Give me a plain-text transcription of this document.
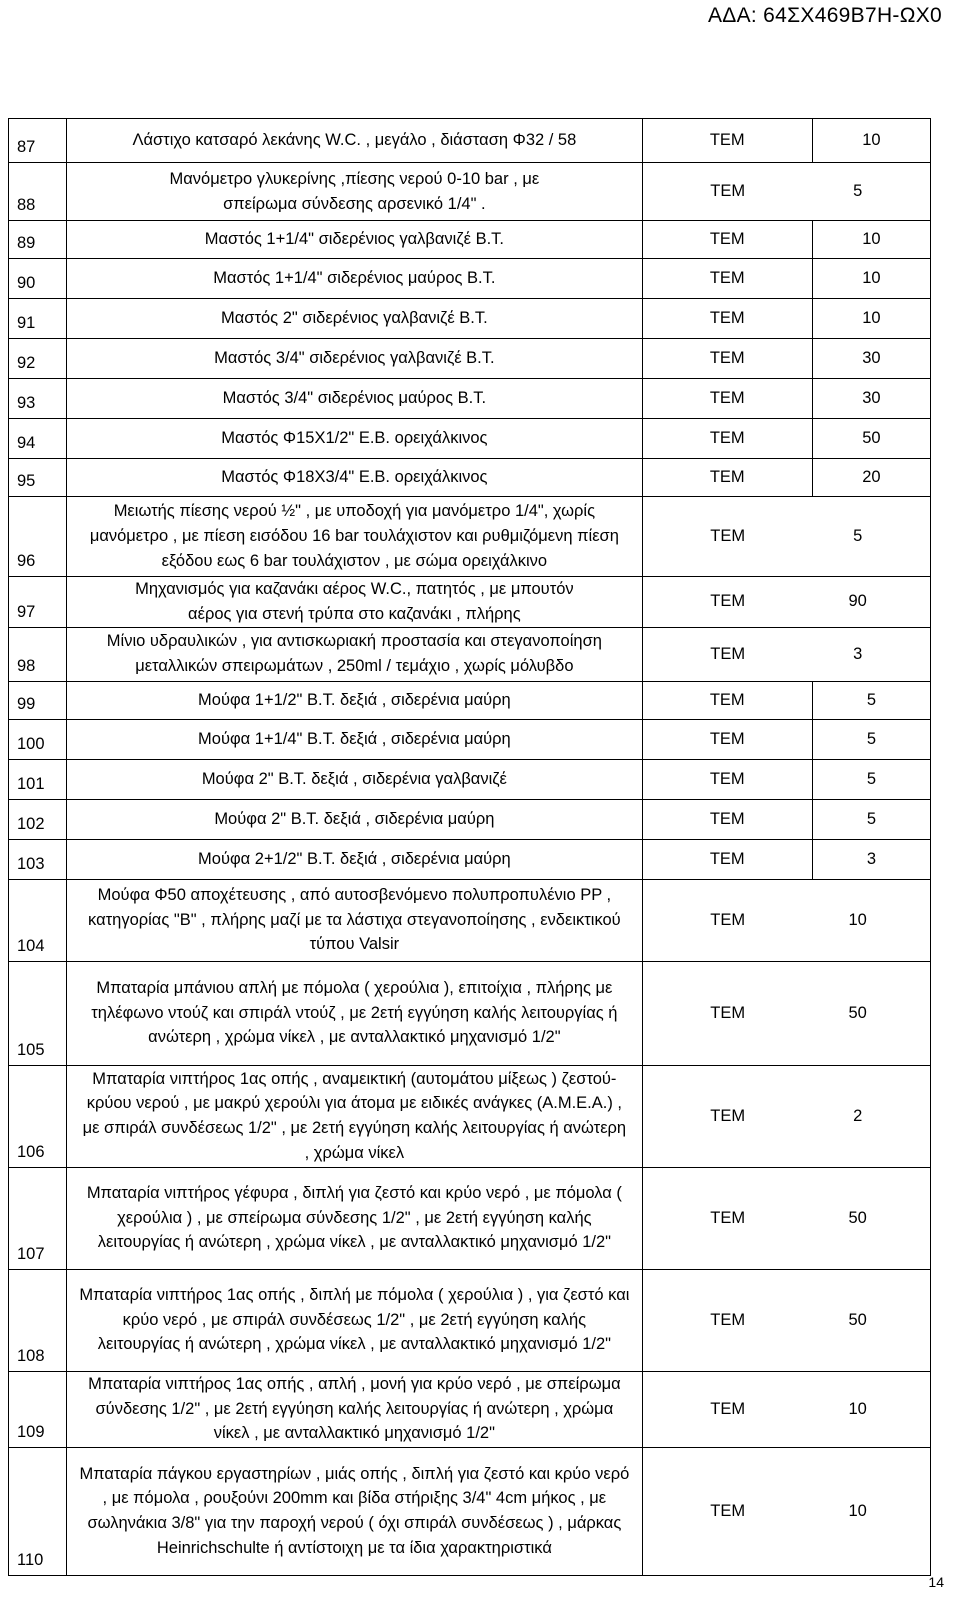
ΑΔΑ: 64ΣΧ469Β7Η-ΩΧ0
87	Λάστιχο κατσαρό λεκάνης W.C. , μεγάλο , διάσταση Φ32 / 58	ΤΕΜ	10
88	Μανόμετρο γλυκερίνης ,πίεσης νερού 0-10 bar , με σπείρωμα σύνδεσης αρσενικό 1/4" .	ΤΕΜ 5	
89	Μαστός 1+1/4" σιδερένιος γαλβανιζέ Β.Τ.	ΤΕΜ	10
90	Μαστός 1+1/4" σιδερένιος μαύρος Β.Τ.	ΤΕΜ	10
91	Μαστός 2" σιδερένιος γαλβανιζέ Β.Τ.	ΤΕΜ	10
92	Μαστός 3/4" σιδερένιος γαλβανιζέ Β.Τ.	ΤΕΜ	30
93	Μαστός 3/4" σιδερένιος μαύρος Β.Τ.	ΤΕΜ	30
94	Μαστός Φ15Χ1/2" Ε.Β. ορειχάλκινος	ΤΕΜ	50
95	Μαστός Φ18Χ3/4" Ε.Β. ορειχάλκινος	ΤΕΜ	20
96	Μειωτής πίεσης νερού ½" , με υποδοχή για μανόμετρο 1/4", χωρίς μανόμετρο , με πίεση εισόδου 16 bar τουλάχιστον και ρυθμιζόμενη πίεση εξόδου εως 6 bar τουλάχιστον , με σώμα ορειχάλκινο	ΤΕΜ 5	
97	Μηχανισμός για καζανάκι αέρος W.C., πατητός , με μπουτόν αέρος για στενή τρύπα στο καζανάκι , πλήρης	ΤΕΜ 90	
98	Μίνιο υδραυλικών , για αντισκωριακή προστασία και στεγανοποίηση μεταλλικών σπειρωμάτων , 250ml / τεμάχιο , χωρίς μόλυβδο	ΤΕΜ 3	
99	Μούφα 1+1/2" Β.Τ. δεξιά , σιδερένια μαύρη	ΤΕΜ	5
100	Μούφα 1+1/4" Β.Τ. δεξιά , σιδερένια μαύρη	ΤΕΜ	5
101	Μούφα 2" Β.Τ. δεξιά , σιδερένια γαλβανιζέ	ΤΕΜ	5
102	Μούφα 2" Β.Τ. δεξιά , σιδερένια μαύρη	ΤΕΜ	5
103	Μούφα 2+1/2" Β.Τ. δεξιά , σιδερένια μαύρη	ΤΕΜ	3
104	Μούφα Φ50 αποχέτευσης , από αυτοσβενόμενο πολυπροπυλένιο PP , κατηγορίας "Β" , πλήρης μαζί με τα λάστιχα στεγανοποίησης , ενδεικτικού τύπου Valsir	ΤΕΜ 10	
105	Μπαταρία μπάνιου απλή με πόμολα ( χερούλια ), επιτοίχια , πλήρης με τηλέφωνο ντούζ και σπιράλ ντούζ , με 2ετή εγγύηση καλής λειτουργίας ή ανώτερη , χρώμα νίκελ , με ανταλλακτικό μηχανισμό 1/2"	ΤΕΜ 50	
106	Μπαταρία νιπτήρος 1ας οπής , αναμεικτική (αυτομάτου μίξεως ) ζεστού-κρύου νερού , με μακρύ χερούλι για άτομα με ειδικές ανάγκες (Α.Μ.Ε.Α.) , με σπιράλ συνδέσεως 1/2" , με 2ετή εγγύηση καλής λειτουργίας ή ανώτερη , χρώμα νίκελ	ΤΕΜ 2	
107	Μπαταρία νιπτήρος γέφυρα , διπλή για ζεστό και κρύο νερό , με πόμολα ( χερούλια ) , με σπείρωμα σύνδεσης 1/2" , με 2ετή εγγύηση καλής λειτουργίας ή ανώτερη , χρώμα νίκελ , με ανταλλακτικό μηχανισμό 1/2"	ΤΕΜ 50	
108	Μπαταρία νιπτήρος 1ας οπής , διπλή με πόμολα ( χερούλια ) , για ζεστό και κρύο νερό , με σπιράλ συνδέσεως 1/2" , με 2ετή εγγύηση καλής λειτουργίας ή ανώτερη , χρώμα νίκελ , με ανταλλακτικό μηχανισμό 1/2"	ΤΕΜ 50	
109	Μπαταρία νιπτήρος 1ας οπής , απλή , μονή για κρύο νερό , με σπείρωμα σύνδεσης 1/2" , με 2ετή εγγύηση καλής λειτουργίας ή ανώτερη , χρώμα νίκελ , με ανταλλακτικό μηχανισμό 1/2"	ΤΕΜ 10	
110	Μπαταρία πάγκου εργαστηρίων , μιάς οπής , διπλή για ζεστό και κρύο νερό , με πόμολα , ρουξούνι 200mm και βίδα στήριξης 3/4" 4cm μήκος , με σωληνάκια 3/8" για την παροχή νερού ( όχι σπιράλ συνδέσεως ) , μάρκας Heinrichschulte ή αντίστοιχη με τα ίδια χαρακτηριστικά	ΤΕΜ 10	
14
